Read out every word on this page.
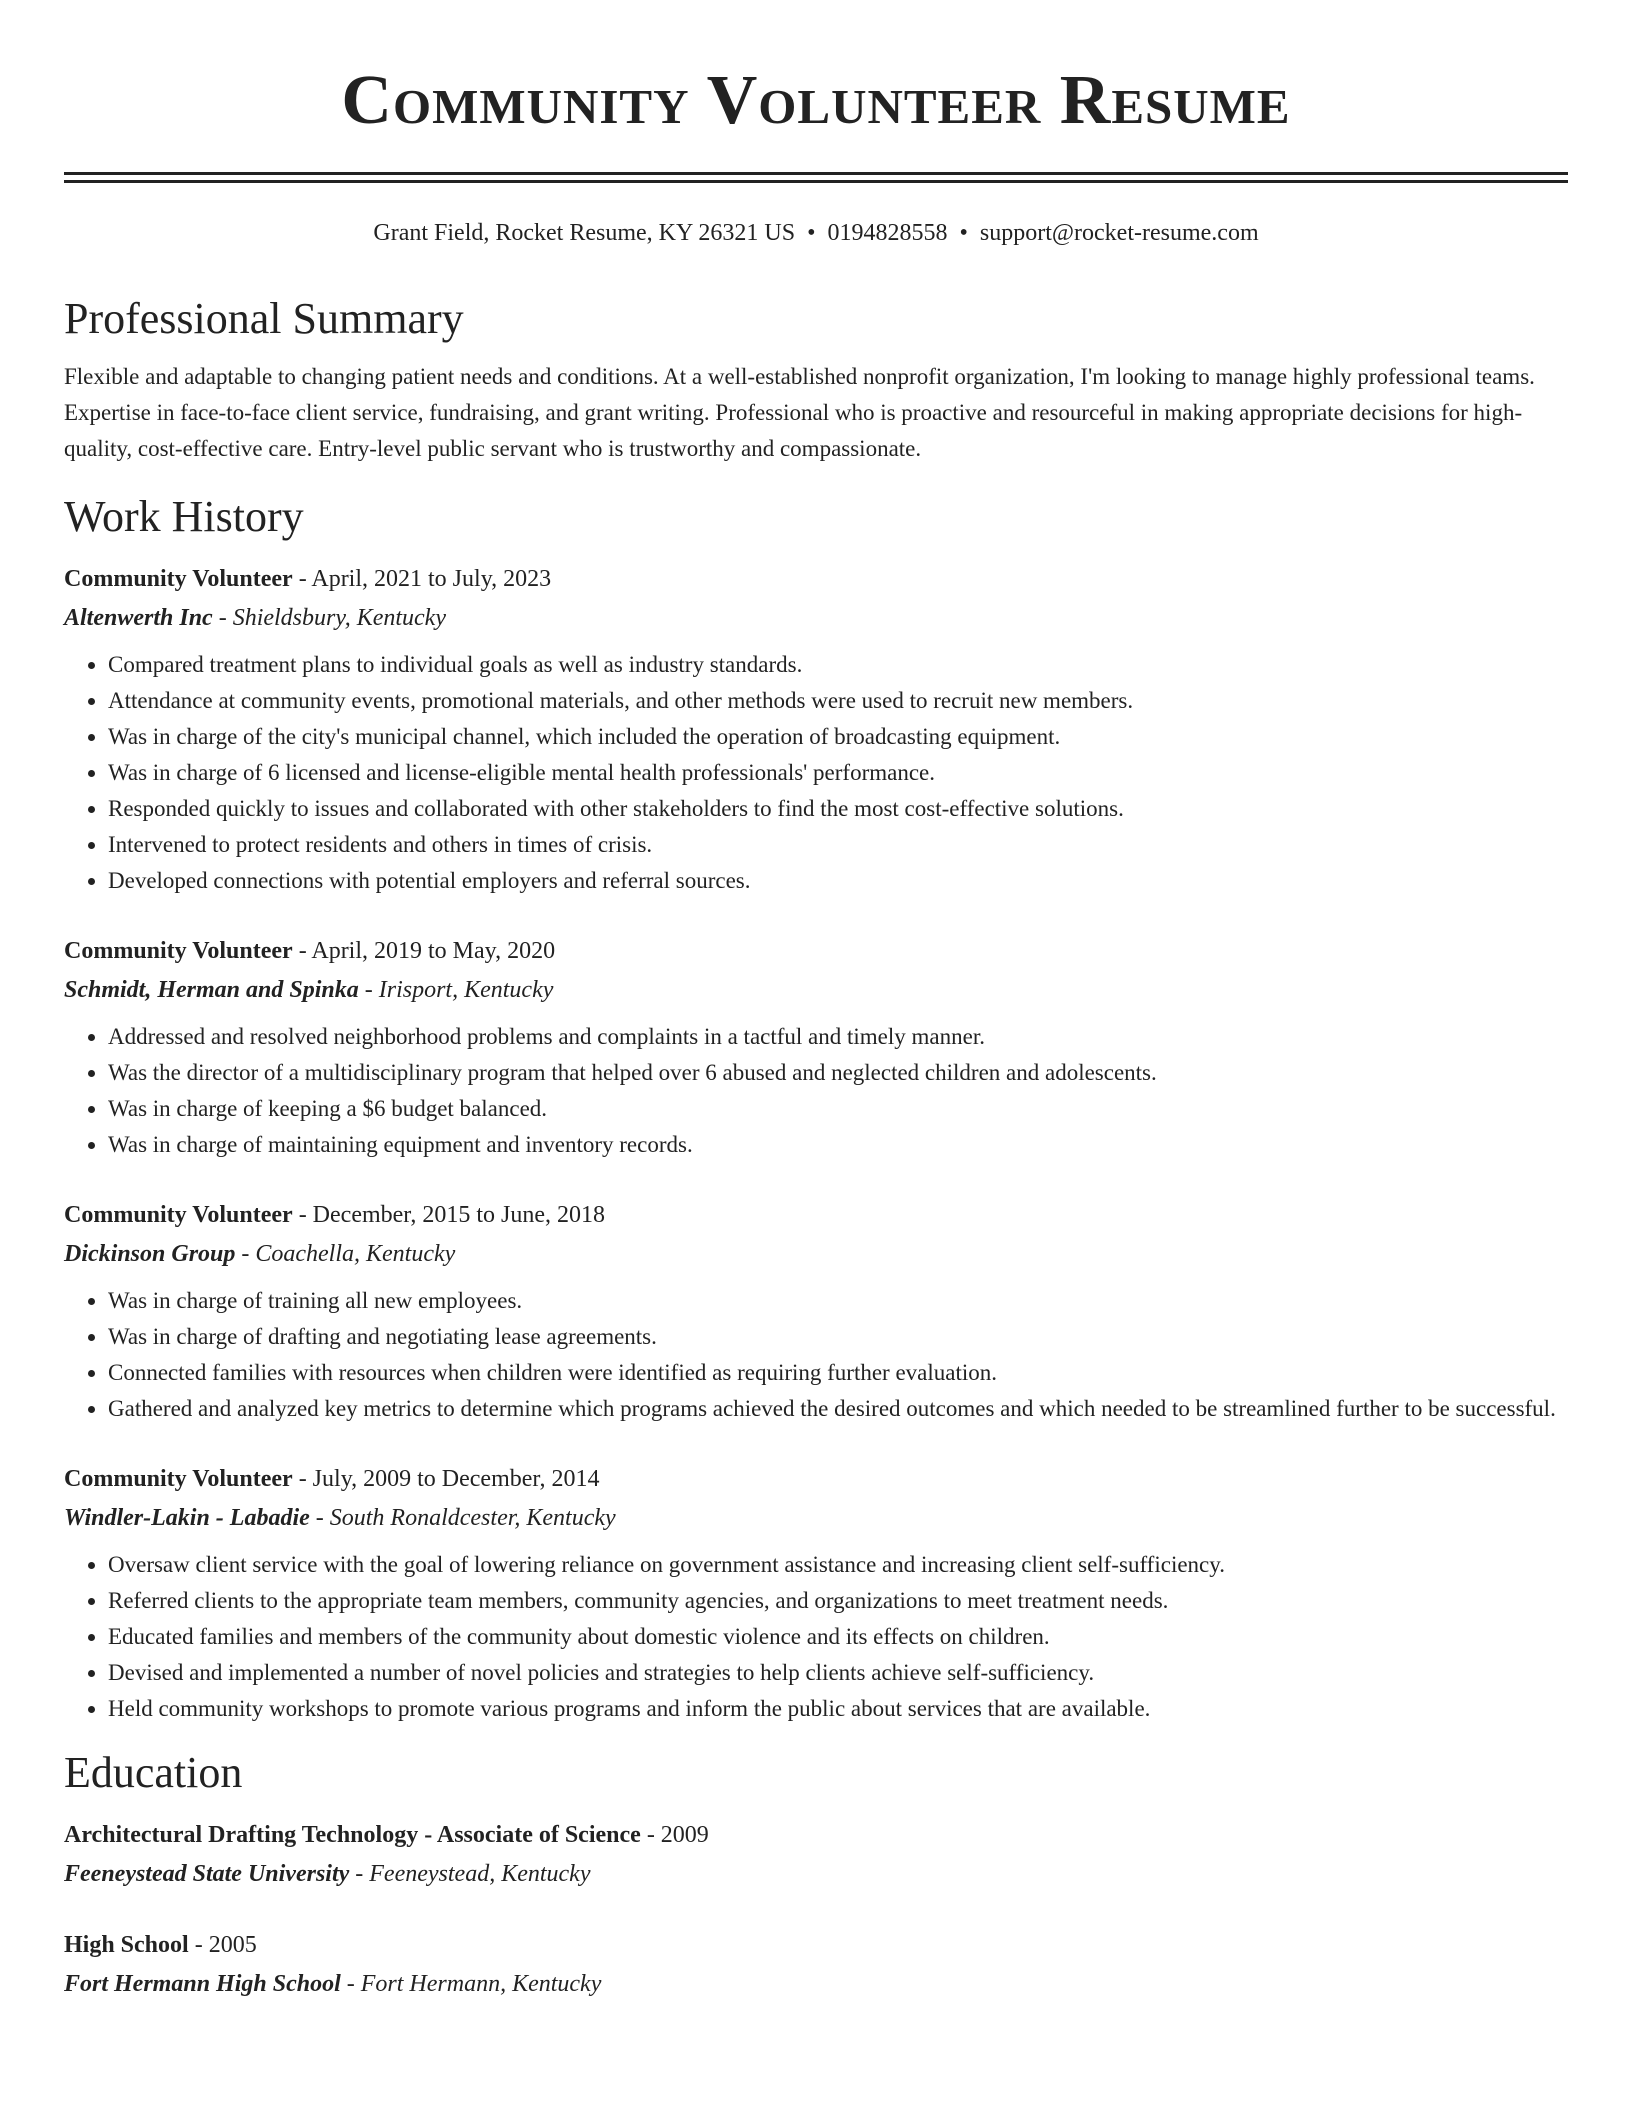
Community Volunteer Resume
Grant Field, Rocket Resume, KY 26321 US • 0194828558 • support@rocket-resume.com
Professional Summary
Flexible and adaptable to changing patient needs and conditions. At a well-established nonprofit organization, I'm looking to manage highly professional teams. Expertise in face-to-face client service, fundraising, and grant writing. Professional who is proactive and resourceful in making appropriate decisions for high-quality, cost-effective care. Entry-level public servant who is trustworthy and compassionate.
Work History
Community Volunteer - April, 2021 to July, 2023
Altenwerth Inc - Shieldsbury, Kentucky
• Compared treatment plans to individual goals as well as industry standards.
• Attendance at community events, promotional materials, and other methods were used to recruit new members.
• Was in charge of the city's municipal channel, which included the operation of broadcasting equipment.
• Was in charge of 6 licensed and license-eligible mental health professionals' performance.
• Responded quickly to issues and collaborated with other stakeholders to find the most cost-effective solutions.
• Intervened to protect residents and others in times of crisis.
• Developed connections with potential employers and referral sources.
Community Volunteer - April, 2019 to May, 2020
Schmidt, Herman and Spinka - Irisport, Kentucky
• Addressed and resolved neighborhood problems and complaints in a tactful and timely manner.
• Was the director of a multidisciplinary program that helped over 6 abused and neglected children and adolescents.
• Was in charge of keeping a $6 budget balanced.
• Was in charge of maintaining equipment and inventory records.
Community Volunteer - December, 2015 to June, 2018
Dickinson Group - Coachella, Kentucky
• Was in charge of training all new employees.
• Was in charge of drafting and negotiating lease agreements.
• Connected families with resources when children were identified as requiring further evaluation.
• Gathered and analyzed key metrics to determine which programs achieved the desired outcomes and which needed to be streamlined further to be successful.
Community Volunteer - July, 2009 to December, 2014
Windler-Lakin - Labadie - South Ronaldcester, Kentucky
• Oversaw client service with the goal of lowering reliance on government assistance and increasing client self-sufficiency.
• Referred clients to the appropriate team members, community agencies, and organizations to meet treatment needs.
• Educated families and members of the community about domestic violence and its effects on children.
• Devised and implemented a number of novel policies and strategies to help clients achieve self-sufficiency.
• Held community workshops to promote various programs and inform the public about services that are available.
Education
Architectural Drafting Technology - Associate of Science - 2009
Feeneystead State University - Feeneystead, Kentucky
High School - 2005
Fort Hermann High School - Fort Hermann, Kentucky
